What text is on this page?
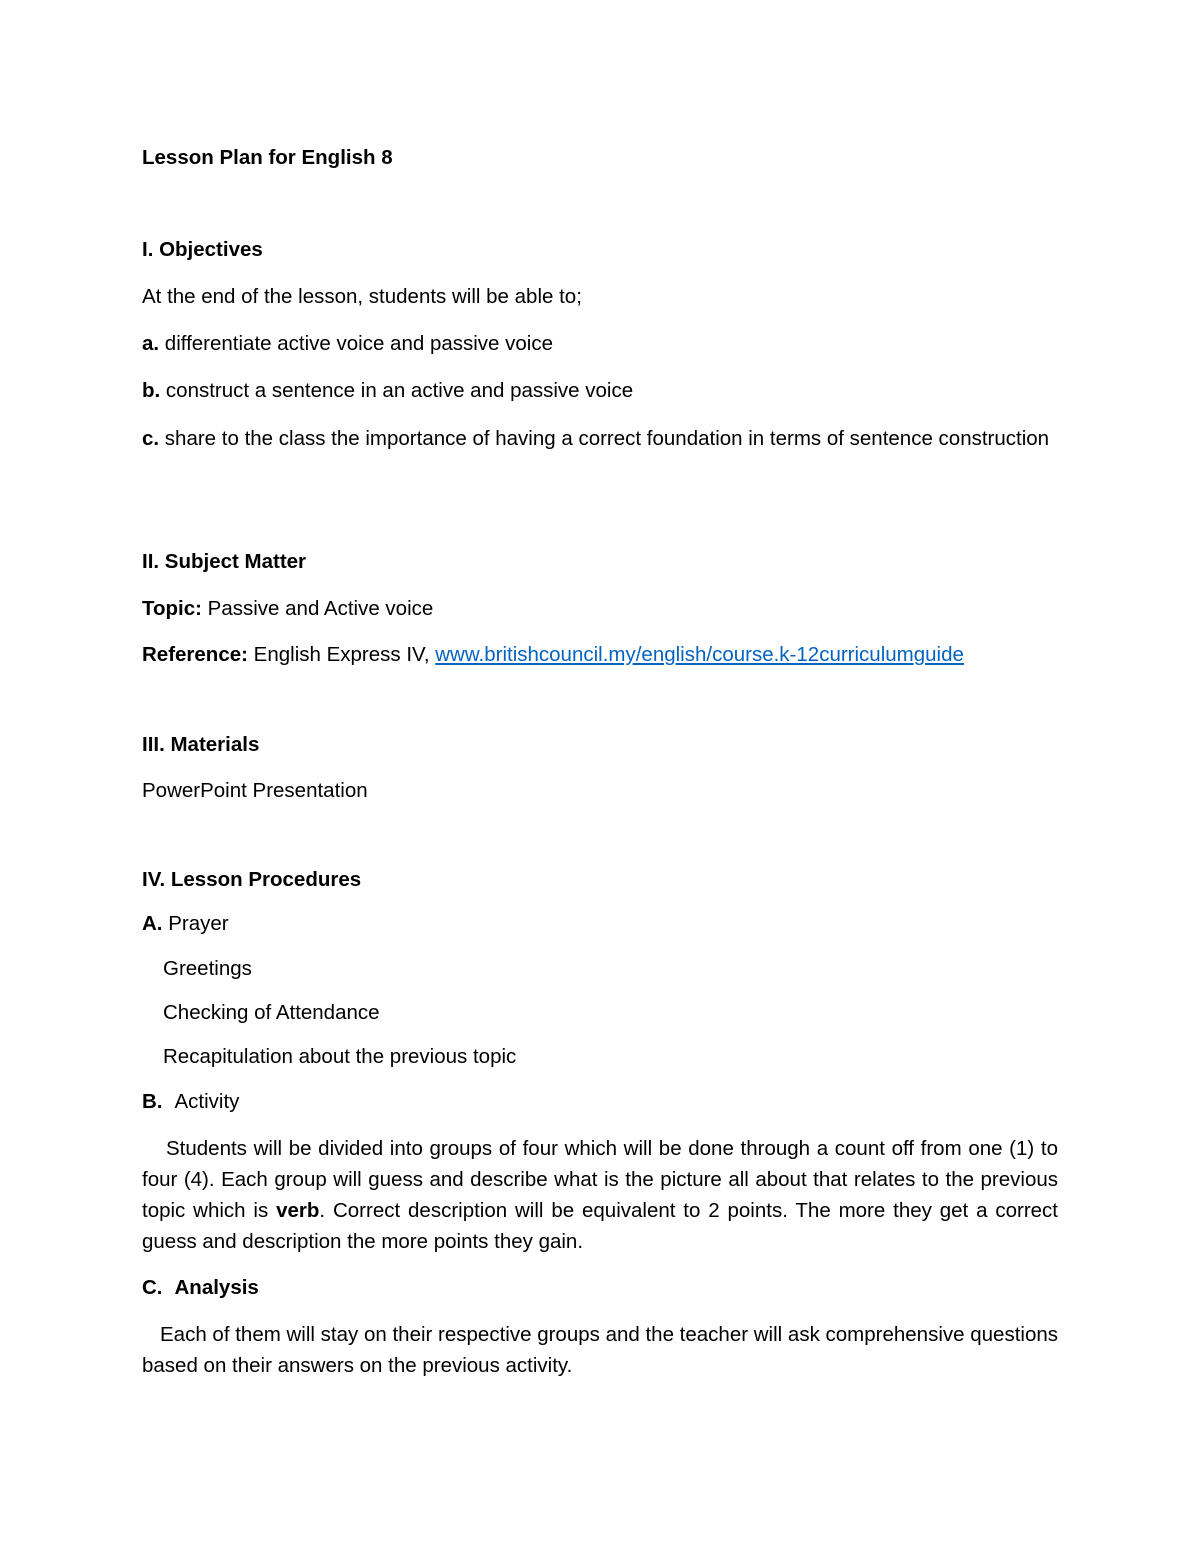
Lesson Plan for English 8
I. Objectives
At the end of the lesson, students will be able to;
a. differentiate active voice and passive voice
b. construct a sentence in an active and passive voice
c. share to the class the importance of having a correct foundation in terms of sentence construction
II. Subject Matter
Topic: Passive and Active voice
Reference: English Express IV, www.britishcouncil.my/english/course.k-12curriculumguide
III. Materials
PowerPoint Presentation
IV. Lesson Procedures
A. Prayer
Greetings
Checking of Attendance
Recapitulation about the previous topic
B. Activity
Students will be divided into groups of four which will be done through a count off from one (1) to four (4). Each group will guess and describe what is the picture all about that relates to the previous topic which is verb. Correct description will be equivalent to 2 points. The more they get a correct guess and description the more points they gain.
C. Analysis
Each of them will stay on their respective groups and the teacher will ask comprehensive questions based on their answers on the previous activity.
